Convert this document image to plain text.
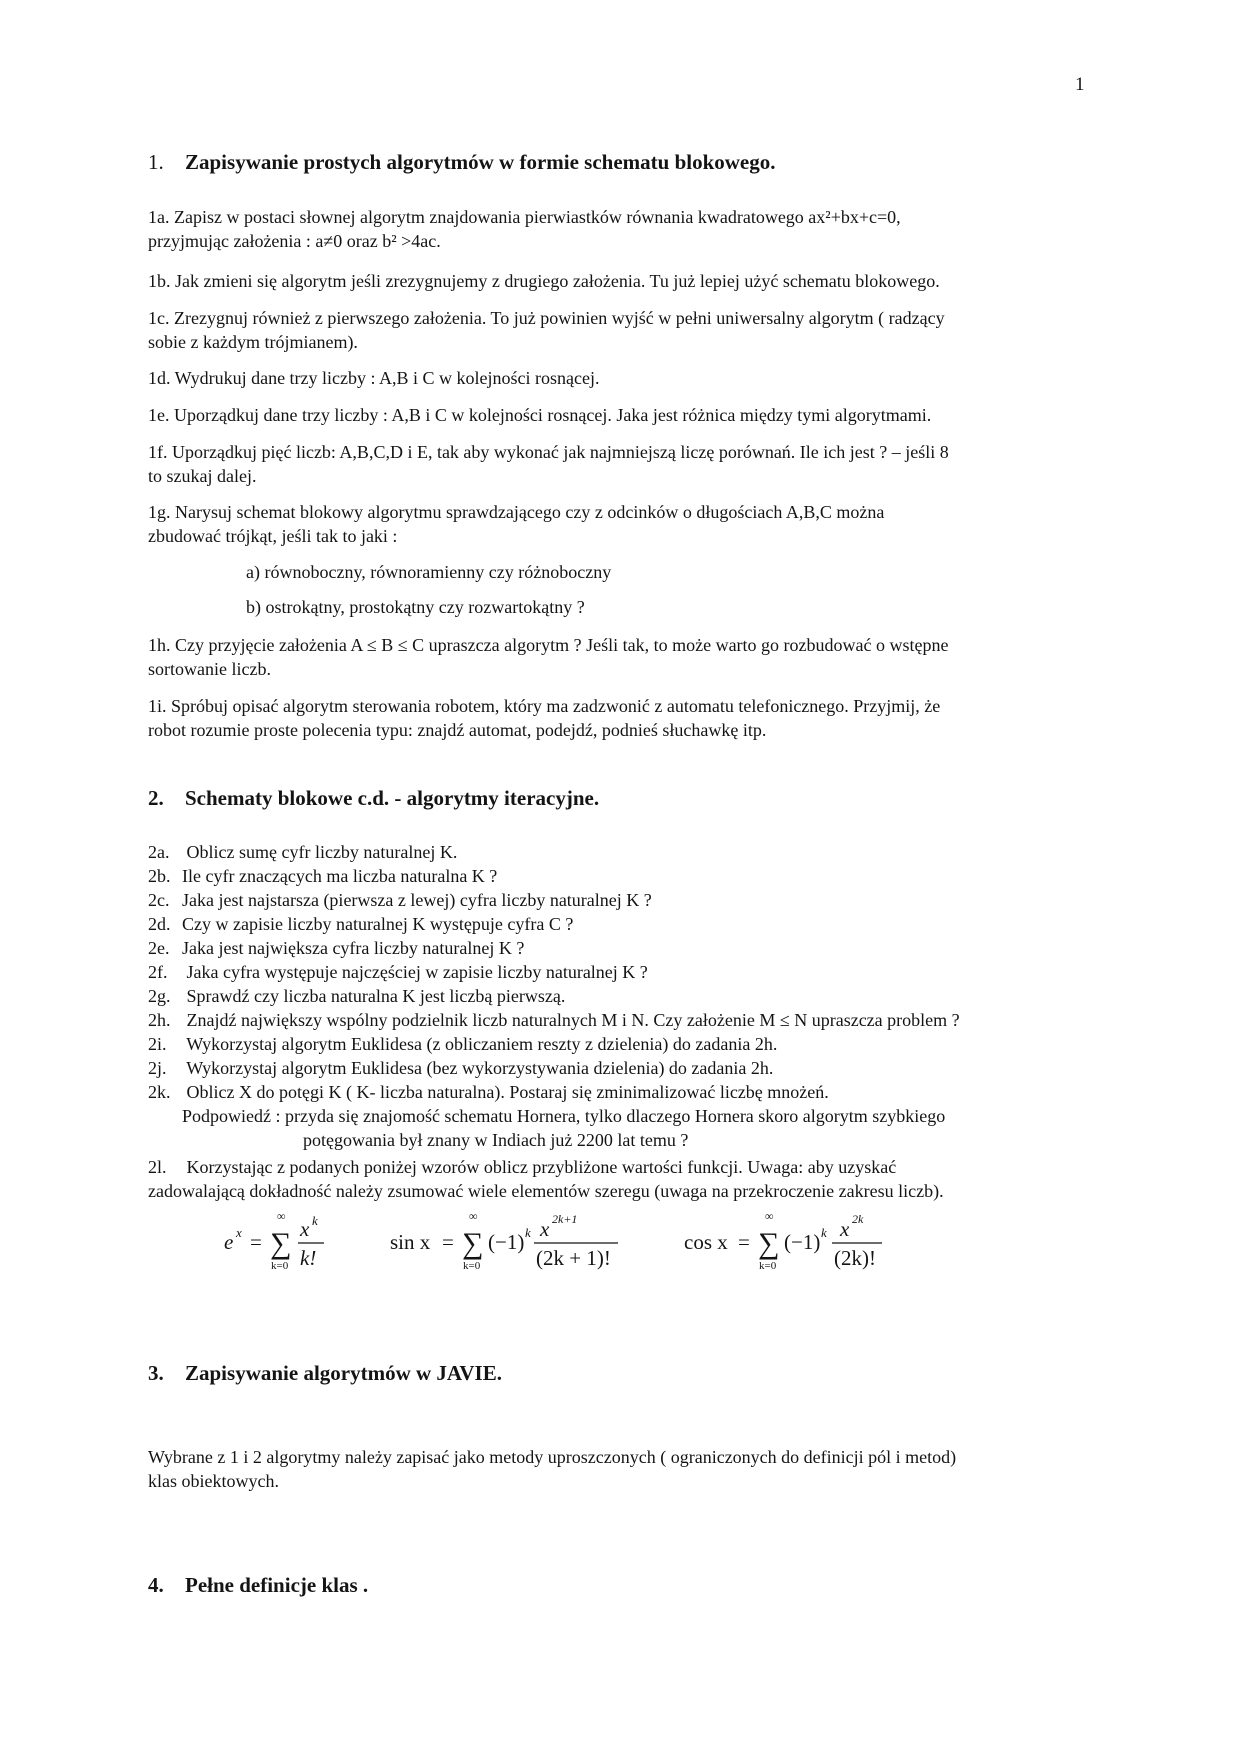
1
1. Zapisywanie prostych algorytmów w formie schematu blokowego.
1a. Zapisz w postaci słownej algorytm znajdowania pierwiastków równania kwadratowego ax²+bx+c=0,
przyjmując założenia : a≠0 oraz b² >4ac.
1b. Jak zmieni się algorytm jeśli zrezygnujemy z drugiego założenia. Tu już lepiej użyć schematu blokowego.
1c. Zrezygnuj również z pierwszego założenia. To już powinien wyjść w pełni uniwersalny algorytm ( radzący
sobie z każdym trójmianem).
1d. Wydrukuj dane trzy liczby : A,B i C w kolejności rosnącej.
1e. Uporządkuj dane trzy liczby : A,B i C w kolejności rosnącej. Jaka jest różnica między tymi algorytmami.
1f. Uporządkuj pięć liczb: A,B,C,D i E, tak aby wykonać jak najmniejszą liczę porównań. Ile ich jest ? – jeśli 8
to szukaj dalej.
1g. Narysuj schemat blokowy algorytmu sprawdzającego czy z odcinków o długościach A,B,C można
zbudować trójkąt, jeśli tak to jaki :
a) równoboczny, równoramienny czy różnoboczny
b) ostrokątny, prostokątny czy rozwartokątny ?
1h. Czy przyjęcie założenia A ≤ B ≤ C upraszcza algorytm ? Jeśli tak, to może warto go rozbudować o wstępne
sortowanie liczb.
1i. Spróbuj opisać algorytm sterowania robotem, który ma zadzwonić z automatu telefonicznego. Przyjmij, że
robot rozumie proste polecenia typu: znajdź automat, podejdź, podnieś słuchawkę itp.
2. Schematy blokowe c.d. - algorytmy iteracyjne.
2a. Oblicz sumę cyfr liczby naturalnej K.
2b. Ile cyfr znaczących ma liczba naturalna K ?
2c. Jaka jest najstarsza (pierwsza z lewej) cyfra liczby naturalnej K ?
2d. Czy w zapisie liczby naturalnej K występuje cyfra C ?
2e. Jaka jest największa cyfra liczby naturalnej K ?
2f. Jaka cyfra występuje najczęściej w zapisie liczby naturalnej K ?
2g. Sprawdź czy liczba naturalna K jest liczbą pierwszą.
2h. Znajdź największy wspólny podzielnik liczb naturalnych M i N. Czy założenie M ≤ N upraszcza problem ?
2i. Wykorzystaj algorytm Euklidesa (z obliczaniem reszty z dzielenia) do zadania 2h.
2j. Wykorzystaj algorytm Euklidesa (bez wykorzystywania dzielenia) do zadania 2h.
2k. Oblicz X do potęgi K ( K- liczba naturalna). Postaraj się zminimalizować liczbę mnożeń.
Podpowiedź : przyda się znajomość schematu Hornera, tylko dlaczego Hornera skoro algorytm szybkiego
potęgowania był znany w Indiach już 2200 lat temu ?
2l. Korzystając z podanych poniżej wzorów oblicz przybliżone wartości funkcji. Uwaga: aby uzyskać
zadowalającą dokładność należy zsumować wiele elementów szeregu (uwaga na przekroczenie zakresu liczb).
e x = ∑
∞
k=0
x k
k!
sin x = ∑
∞
k=0
(−1) k x 2k+1
(2k + 1)!
cos x = ∑
∞
k=0
(−1) k x 2k
(2k)!
3. Zapisywanie algorytmów w JAVIE.
Wybrane z 1 i 2 algorytmy należy zapisać jako metody uproszczonych ( ograniczonych do definicji pól i metod)
klas obiektowych.
4. Pełne definicje klas .
